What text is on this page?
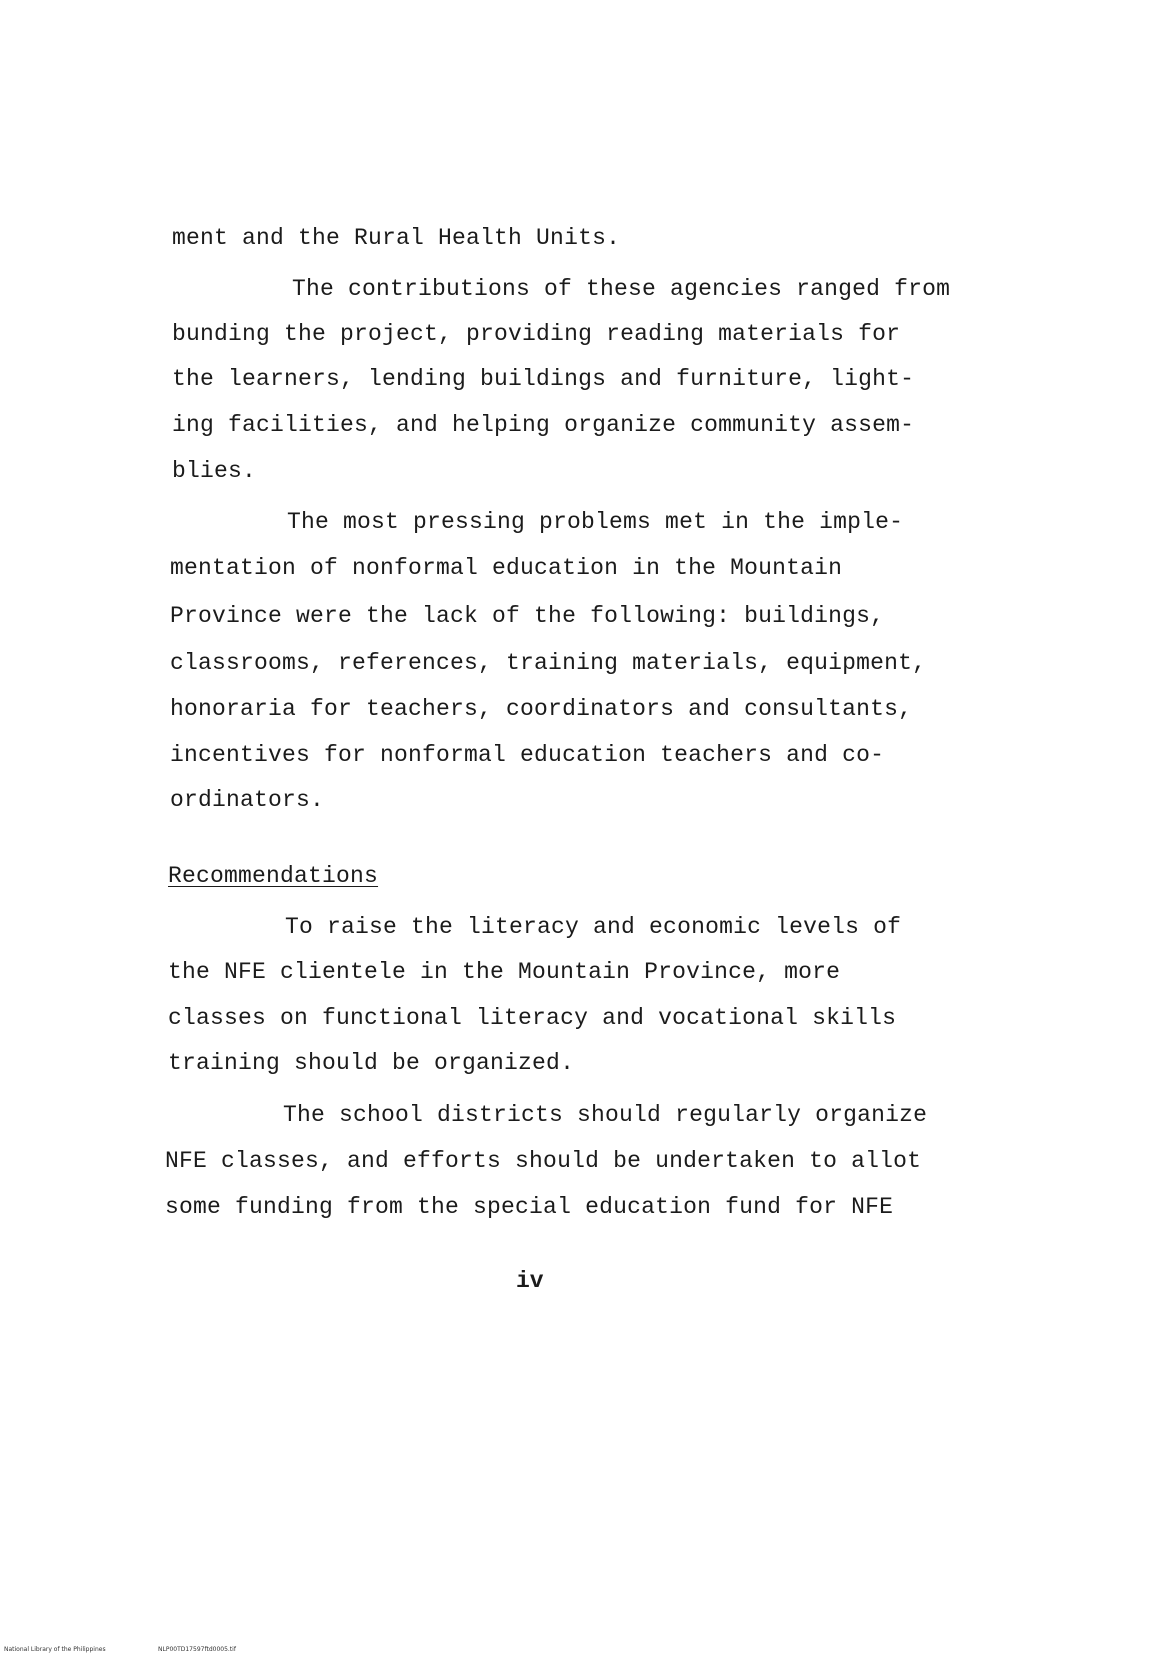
ment and the Rural Health Units.
The contributions of these agencies ranged from
bunding the project, providing reading materials for
the learners, lending buildings and furniture, light-
ing facilities, and helping organize community assem-
blies.
The most pressing problems met in the imple-
mentation of nonformal education in the Mountain
Province were the lack of the following: buildings,
classrooms, references, training materials, equipment,
honoraria for teachers, coordinators and consultants,
incentives for nonformal education teachers and co-
ordinators.
Recommendations
To raise the literacy and economic levels of
the NFE clientele in the Mountain Province, more
classes on functional literacy and vocational skills
training should be organized.
The school districts should regularly organize
NFE classes, and efforts should be undertaken to allot
some funding from the special education fund for NFE
iv
National Library of the Philippines	NLP00TD17597ftd0005.tif
